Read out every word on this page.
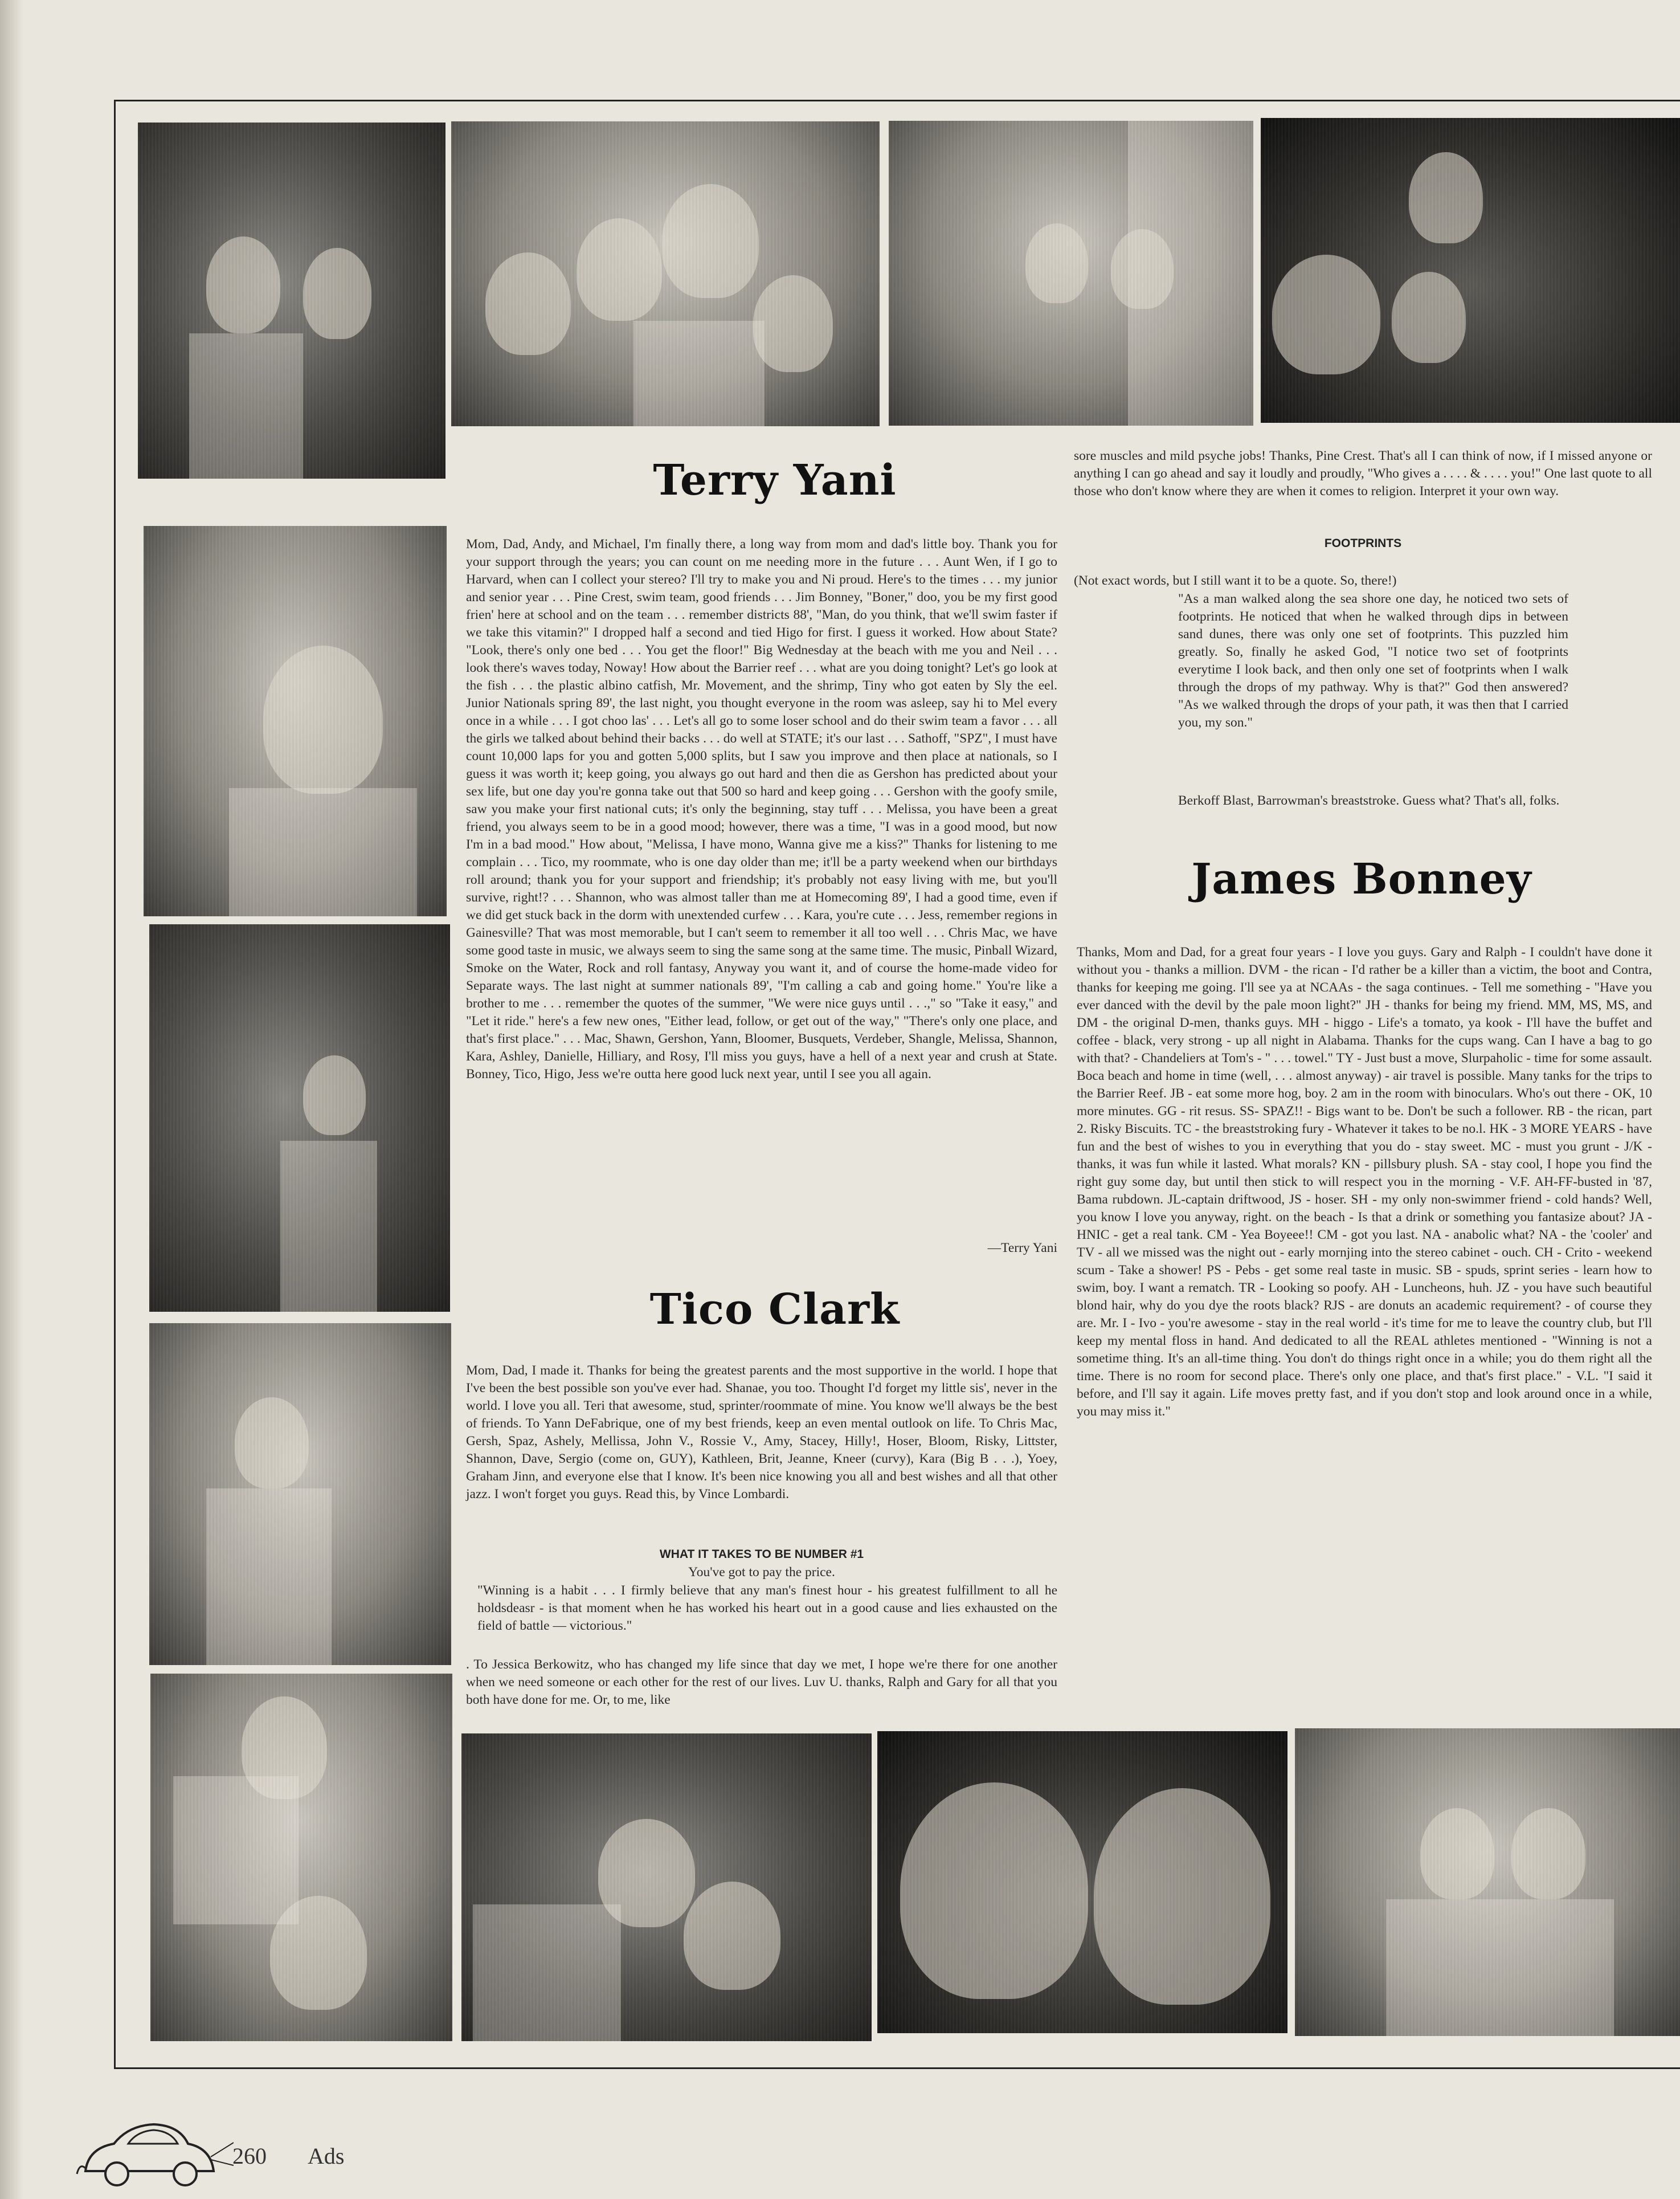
Terry Yani

Mom, Dad, Andy, and Michael, I'm finally there, a long way from mom and dad's little boy. Thank you for your support through the years; you can count on me needing more in the future . . . Aunt Wen, if I go to Harvard, when can I collect your stereo? I'll try to make you and Ni proud. Here's to the times . . . my junior and senior year . . . Pine Crest, swim team, good friends . . . Jim Bonney, "Boner," doo, you be my first good frien' here at school and on the team . . . remember districts 88', "Man, do you think, that we'll swim faster if we take this vitamin?" I dropped half a second and tied Higo for first. I guess it worked. How about State? "Look, there's only one bed . . . You get the floor!" Big Wednesday at the beach with me you and Neil . . . look there's waves today, Noway! How about the Barrier reef . . . what are you doing tonight? Let's go look at the fish . . . the plastic albino catfish, Mr. Movement, and the shrimp, Tiny who got eaten by Sly the eel. Junior Nationals spring 89', the last night, you thought everyone in the room was asleep, say hi to Mel every once in a while . . . I got choo las' . . . Let's all go to some loser school and do their swim team a favor . . . all the girls we talked about behind their backs . . . do well at STATE; it's our last . . . Sathoff, "SPZ", I must have count 10,000 laps for you and gotten 5,000 splits, but I saw you improve and then place at nationals, so I guess it was worth it; keep going, you always go out hard and then die as Gershon has predicted about your sex life, but one day you're gonna take out that 500 so hard and keep going . . . Gershon with the goofy smile, saw you make your first national cuts; it's only the beginning, stay tuff . . . Melissa, you have been a great friend, you always seem to be in a good mood; however, there was a time, "I was in a good mood, but now I'm in a bad mood." How about, "Melissa, I have mono, Wanna give me a kiss?" Thanks for listening to me complain . . . Tico, my roommate, who is one day older than me; it'll be a party weekend when our birthdays roll around; thank you for your support and friendship; it's probably not easy living with me, but you'll survive, right!? . . . Shannon, who was almost taller than me at Homecoming 89', I had a good time, even if we did get stuck back in the dorm with unextended curfew . . . Kara, you're cute . . . Jess, remember regions in Gainesville? That was most memorable, but I can't seem to remember it all too well . . . Chris Mac, we have some good taste in music, we always seem to sing the same song at the same time. The music, Pinball Wizard, Smoke on the Water, Rock and roll fantasy, Anyway you want it, and of course the home-made video for Separate ways. The last night at summer nationals 89', "I'm calling a cab and going home." You're like a brother to me . . . remember the quotes of the summer, "We were nice guys until . . .," so "Take it easy," and "Let it ride." here's a few new ones, "Either lead, follow, or get out of the way," "There's only one place, and that's first place." . . . Mac, Shawn, Gershon, Yann, Bloomer, Busquets, Verdeber, Shangle, Melissa, Shannon, Kara, Ashley, Danielle, Hilliary, and Rosy, I'll miss you guys, have a hell of a next year and crush at State. Bonney, Tico, Higo, Jess we're outta here good luck next year, until I see you all again.

—Terry Yani
Tico Clark

Mom, Dad, I made it. Thanks for being the greatest parents and the most supportive in the world. I hope that I've been the best possible son you've ever had. Shanae, you too. Thought I'd forget my little sis', never in the world. I love you all. Teri that awesome, stud, sprinter/roommate of mine. You know we'll always be the best of friends. To Yann DeFabrique, one of my best friends, keep an even mental outlook on life. To Chris Mac, Gersh, Spaz, Ashely, Mellissa, John V., Rossie V., Amy, Stacey, Hilly!, Hoser, Bloom, Risky, Littster, Shannon, Dave, Sergio (come on, GUY), Kathleen, Brit, Jeanne, Kneer (curvy), Kara (Big B . . .), Yoey, Graham Jinn, and everyone else that I know. It's been nice knowing you all and best wishes and all that other jazz. I won't forget you guys. Read this, by Vince Lombardi.

WHAT IT TAKES TO BE NUMBER #1
You've got to pay the price.

"Winning is a habit . . . I firmly believe that any man's finest hour - his greatest fulfillment to all he holdsdeasr - is that moment when he has worked his heart out in a good cause and lies exhausted on the field of battle — victorious."

. To Jessica Berkowitz, who has changed my life since that day we met, I hope we're there for one another when we need someone or each other for the rest of our lives. Luv U. thanks, Ralph and Gary for all that you both have done for me. Or, to me, like

sore muscles and mild psyche jobs! Thanks, Pine Crest. That's all I can think of now, if I missed anyone or anything I can go ahead and say it loudly and proudly, "Who gives a . . . . & . . . . you!" One last quote to all those who don't know where they are when it comes to religion. Interpret it your own way.

FOOTPRINTS
(Not exact words, but I still want it to be a quote. So, there!)

"As a man walked along the sea shore one day, he noticed two sets of footprints. He noticed that when he walked through dips in between sand dunes, there was only one set of footprints. This puzzled him greatly. So, finally he asked God, "I notice two set of footprints everytime I look back, and then only one set of footprints when I walk through the drops of my pathway. Why is that?" God then answered? "As we walked through the drops of your path, it was then that I carried you, my son."

Berkoff Blast, Barrowman's breaststroke. Guess what? That's all, folks.

James Bonney

Thanks, Mom and Dad, for a great four years - I love you guys. Gary and Ralph - I couldn't have done it without you - thanks a million. DVM - the rican - I'd rather be a killer than a victim, the boot and Contra, thanks for keeping me going. I'll see ya at NCAAs - the saga continues. - Tell me something - "Have you ever danced with the devil by the pale moon light?" JH - thanks for being my friend. MM, MS, MS, and DM - the original D-men, thanks guys. MH - higgo - Life's a tomato, ya kook - I'll have the buffet and coffee - black, very strong - up all night in Alabama. Thanks for the cups wang. Can I have a bag to go with that? - Chandeliers at Tom's - " . . . towel." TY - Just bust a move, Slurpaholic - time for some assault. Boca beach and home in time (well, . . . almost anyway) - air travel is possible. Many tanks for the trips to the Barrier Reef. JB - eat some more hog, boy. 2 am in the room with binoculars. Who's out there - OK, 10 more minutes. GG - rit resus. SS- SPAZ!! - Bigs want to be. Don't be such a follower. RB - the rican, part 2. Risky Biscuits. TC - the breaststroking fury - Whatever it takes to be no.l. HK - 3 MORE YEARS - have fun and the best of wishes to you in everything that you do - stay sweet. MC - must you grunt - J/K - thanks, it was fun while it lasted. What morals? KN - pillsbury plush. SA - stay cool, I hope you find the right guy some day, but until then stick to will respect you in the morning - V.F. AH-FF-busted in '87, Bama rubdown. JL-captain driftwood, JS - hoser. SH - my only non-swimmer friend - cold hands? Well, you know I love you anyway, right. on the beach - Is that a drink or something you fantasize about? JA - HNIC - get a real tank. CM - Yea Boyeee!! CM - got you last. NA - anabolic what? NA - the 'cooler' and TV - all we missed was the night out - early mornjing into the stereo cabinet - ouch. CH - Crito - weekend scum - Take a shower! PS - Pebs - get some real taste in music. SB - spuds, sprint series - learn how to swim, boy. I want a rematch. TR - Looking so poofy. AH - Luncheons, huh. JZ - you have such beautiful blond hair, why do you dye the roots black? RJS - are donuts an academic requirement? - of course they are. Mr. I - Ivo - you're awesome - stay in the real world - it's time for me to leave the country club, but I'll keep my mental floss in hand. And dedicated to all the REAL athletes mentioned - "Winning is not a sometime thing. It's an all-time thing. You don't do things right once in a while; you do them right all the time. There is no room for second place. There's only one place, and that's first place." - V.L. "I said it before, and I'll say it again. Life moves pretty fast, and if you don't stop and look around once in a while, you may miss it."

260 Ads
